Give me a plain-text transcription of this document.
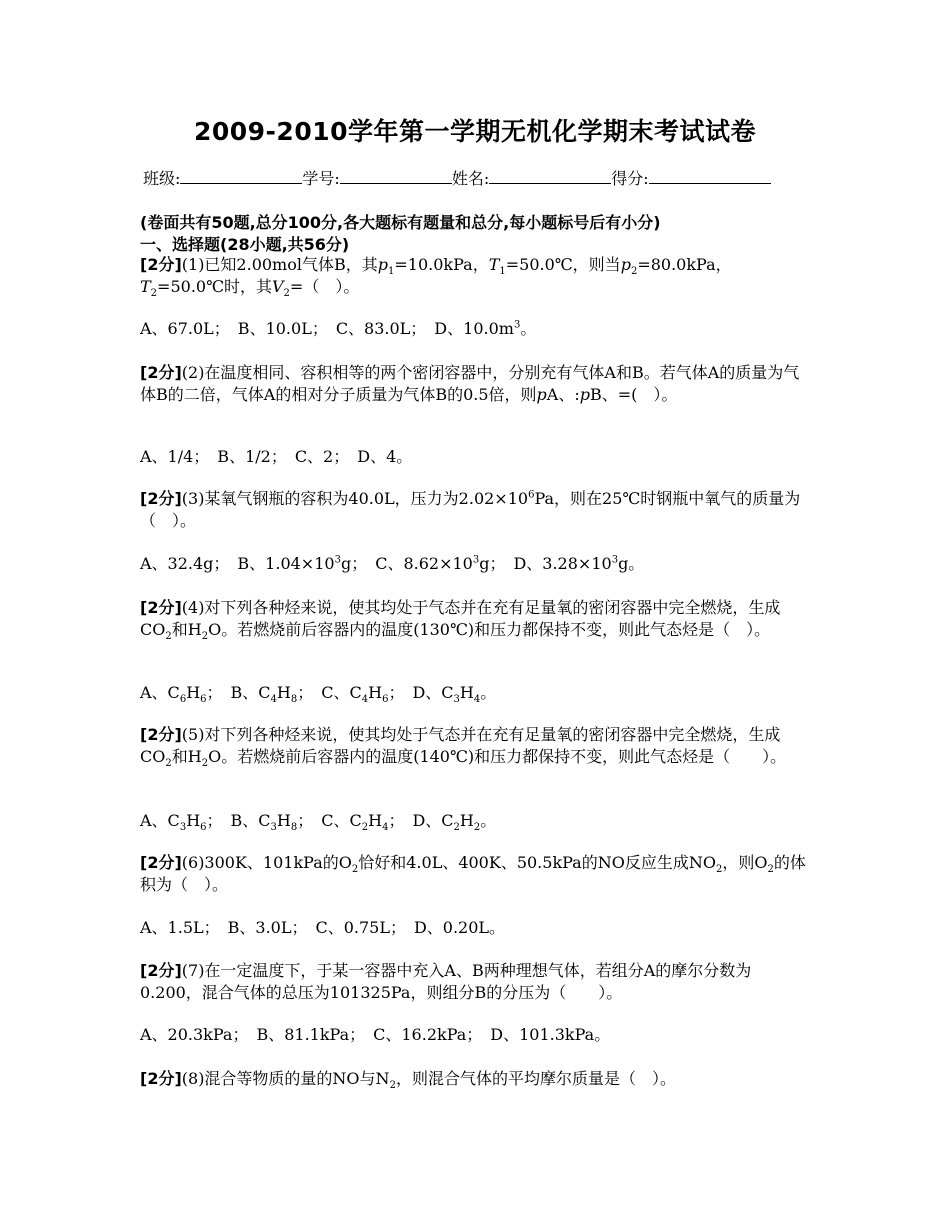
2009-2010学年第一学期无机化学期末考试试卷
班级:	学号:	姓名:	得分:
(卷面共有50题,总分100分,各大题标有题量和总分,每小题标号后有小分)
一、选择题(28小题,共56分)
[2分](1)已知2.00mol气体B，其$p_1=10.0kPa$，$T_1=50.0℃$，则当$p_2=80.0kPa$，$T_2=50.0℃$时，其$V_2=$（　）。
A、67.0L；　B、10.0L；　C、83.0L；　D、$10.0m^3$。
[2分](2)在温度相同、容积相等的两个密闭容器中，分别充有气体A和B。若气体A的质量为气体B的二倍，气体A的相对分子质量为气体B的0.5倍，则pA、:pB、=(　）。
A、1/4；　B、1/2；　C、2；　D、4。
[2分](3)某氧气钢瓶的容积为40.0L，压力为$2.02\times 10^6Pa$，则在25℃时钢瓶中氧气的质量为（　）。
A、32.4g；　B、$1.04\times 10^3g$；　C、$8.62\times 10^3g$；　D、$3.28\times 10^3g$。
[2分](4)对下列各种烃来说，使其均处于气态并在充有足量氧的密闭容器中完全燃烧，生成$CO_2$和$H_2O$。若燃烧前后容器内的温度(130℃)和压力都保持不变，则此气态烃是（　）。
A、$C_6H_6$；　B、$C_4H_8$；　C、$C_4H_6$；　D、$C_3H_4$。
[2分](5)对下列各种烃来说，使其均处于气态并在充有足量氧的密闭容器中完全燃烧，生成$CO_2$和$H_2O$。若燃烧前后容器内的温度(140℃)和压力都保持不变，则此气态烃是（　　）。
A、$C_3H_6$；　B、$C_3H_8$；　C、$C_2H_4$；　D、$C_2H_2$。
[2分](6)300K、101kPa的$O_2$恰好和4.0L、400K、50.5kPa的NO反应生成$NO_2$，则$O_2$的体积为（　）。
A、1.5L；　B、3.0L；　C、0.75L；　D、0.20L。
[2分](7)在一定温度下，于某一容器中充入A、B两种理想气体，若组分A的摩尔分数为0.200，混合气体的总压为101325Pa，则组分B的分压为（　　）。
A、20.3kPa；　B、81.1kPa；　C、16.2kPa；　D、101.3kPa。
[2分](8)混合等物质的量的NO与$N_2$，则混合气体的平均摩尔质量是（　）。
